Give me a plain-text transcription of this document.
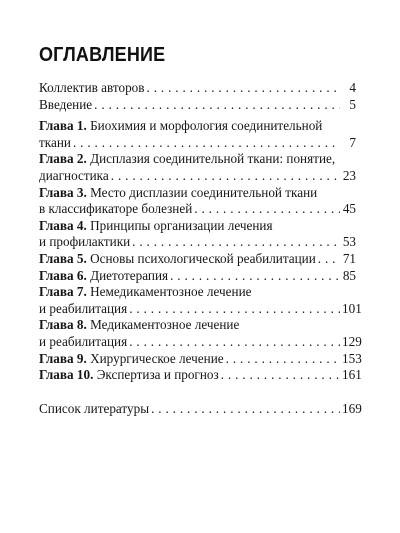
ОГЛАВЛЕНИЕ
Коллектив авторов . . .	4
Введение . . .	5
Глава 1. Биохимия и морфология соединительной
ткани . . .	7
Глава 2. Дисплазия соединительной ткани: понятие,
диагностика . . .	23
Глава 3. Место дисплазии соединительной ткани
в классификаторе болезней . . .	45
Глава 4. Принципы организации лечения
и профилактики . . .	53
Глава 5. Основы психологической реабилитации . . . 71
Глава 6. Диетотерапия . . .	85
Глава 7. Немедикаментозное лечение
и реабилитация . . .	101
Глава 8. Медикаментозное лечение
и реабилитация . . .	129
Глава 9. Хирургическое лечение . . .	153
Глава 10. Экспертиза и прогноз . . .	161
Список литературы . . .	169
